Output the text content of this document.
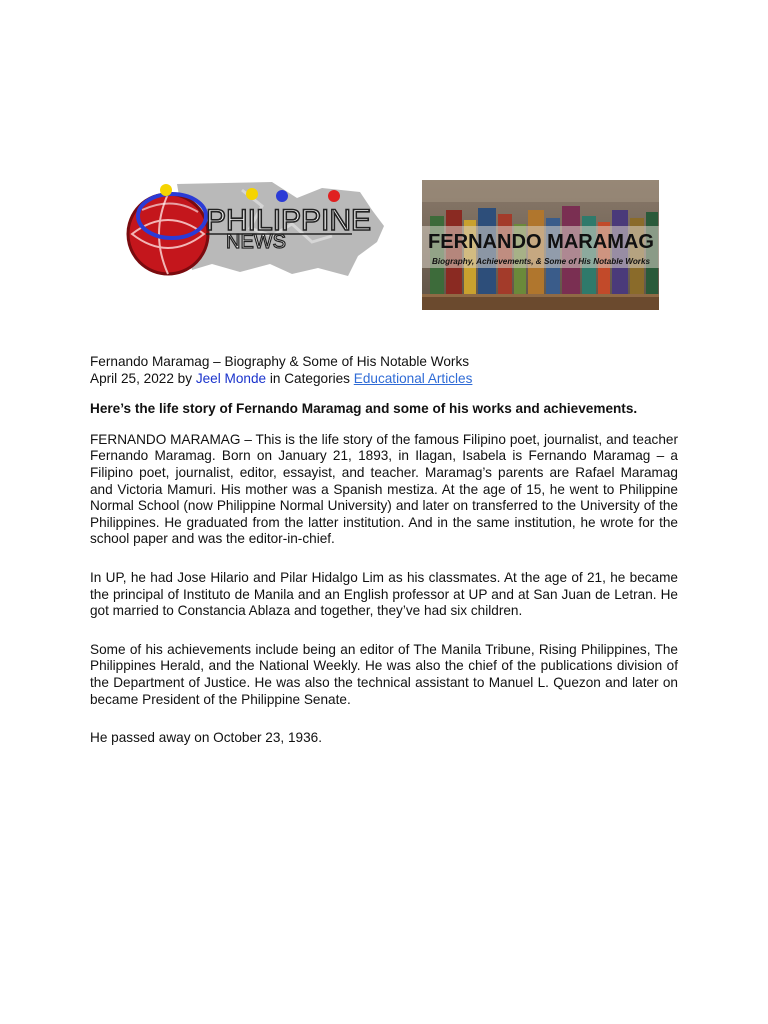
PHILIPPINE
NEWS	FERNANDO MARAMAG
Biography, Achievements, & Some of His Notable Works

Fernando Maramag – Biography & Some of His Notable Works

April 25, 2022 by Jeel Monde in Categories Educational Articles

Here’s the life story of Fernando Maramag and some of his works and achievements.

FERNANDO MARAMAG – This is the life story of the famous Filipino poet, journalist, and teacher Fernando Maramag. Born on January 21, 1893, in Ilagan, Isabela is Fernando Maramag – a Filipino poet, journalist, editor, essayist, and teacher. Maramag’s parents are Rafael Maramag and Victoria Mamuri. His mother was a Spanish mestiza. At the age of 15, he went to Philippine Normal School (now Philippine Normal University) and later on transferred to the University of the Philippines. He graduated from the latter institution. And in the same institution, he wrote for the school paper and was the editor-in-chief.

In UP, he had Jose Hilario and Pilar Hidalgo Lim as his classmates. At the age of 21, he became the principal of Instituto de Manila and an English professor at UP and at San Juan de Letran. He got married to Constancia Ablaza and together, they’ve had six children.

Some of his achievements include being an editor of The Manila Tribune, Rising Philippines, The Philippines Herald, and the National Weekly. He was also the chief of the publications division of the Department of Justice. He was also the technical assistant to Manuel L. Quezon and later on became President of the Philippine Senate.

He passed away on October 23, 1936.
